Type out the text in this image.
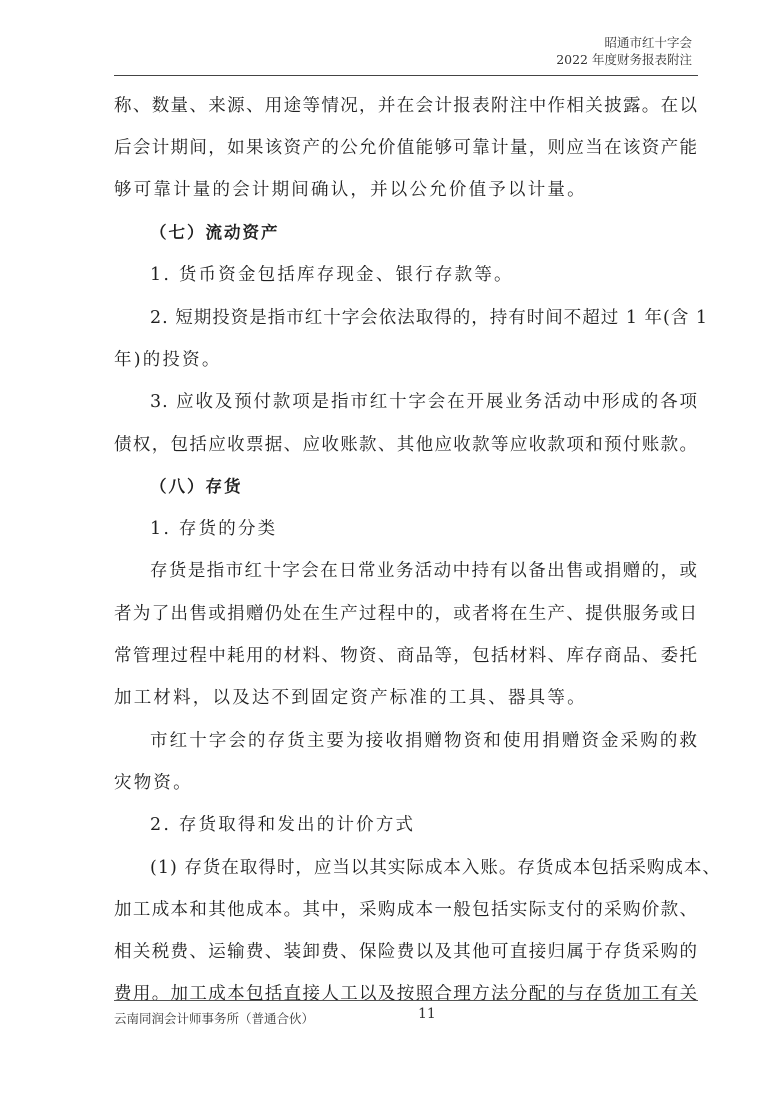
昭通市红十字会
2022 年度财务报表附注
称、数量、来源、用途等情况，并在会计报表附注中作相关披露。在以
后会计期间，如果该资产的公允价值能够可靠计量，则应当在该资产能
够可靠计量的会计期间确认，并以公允价值予以计量。
（七）流动资产
1. 货币资金包括库存现金、银行存款等。
2. 短期投资是指市红十字会依法取得的，持有时间不超过 1 年(含 1
年)的投资。
3. 应收及预付款项是指市红十字会在开展业务活动中形成的各项
债权，包括应收票据、应收账款、其他应收款等应收款项和预付账款。
（八）存货
1. 存货的分类
存货是指市红十字会在日常业务活动中持有以备出售或捐赠的，或
者为了出售或捐赠仍处在生产过程中的，或者将在生产、提供服务或日
常管理过程中耗用的材料、物资、商品等，包括材料、库存商品、委托
加工材料，以及达不到固定资产标准的工具、器具等。
市红十字会的存货主要为接收捐赠物资和使用捐赠资金采购的救
灾物资。
2. 存货取得和发出的计价方式
(1) 存货在取得时，应当以其实际成本入账。存货成本包括采购成本、
加工成本和其他成本。其中，采购成本一般包括实际支付的采购价款、
相关税费、运输费、装卸费、保险费以及其他可直接归属于存货采购的
费用。加工成本包括直接人工以及按照合理方法分配的与存货加工有关
云南同润会计师事务所（普通合伙）	11
